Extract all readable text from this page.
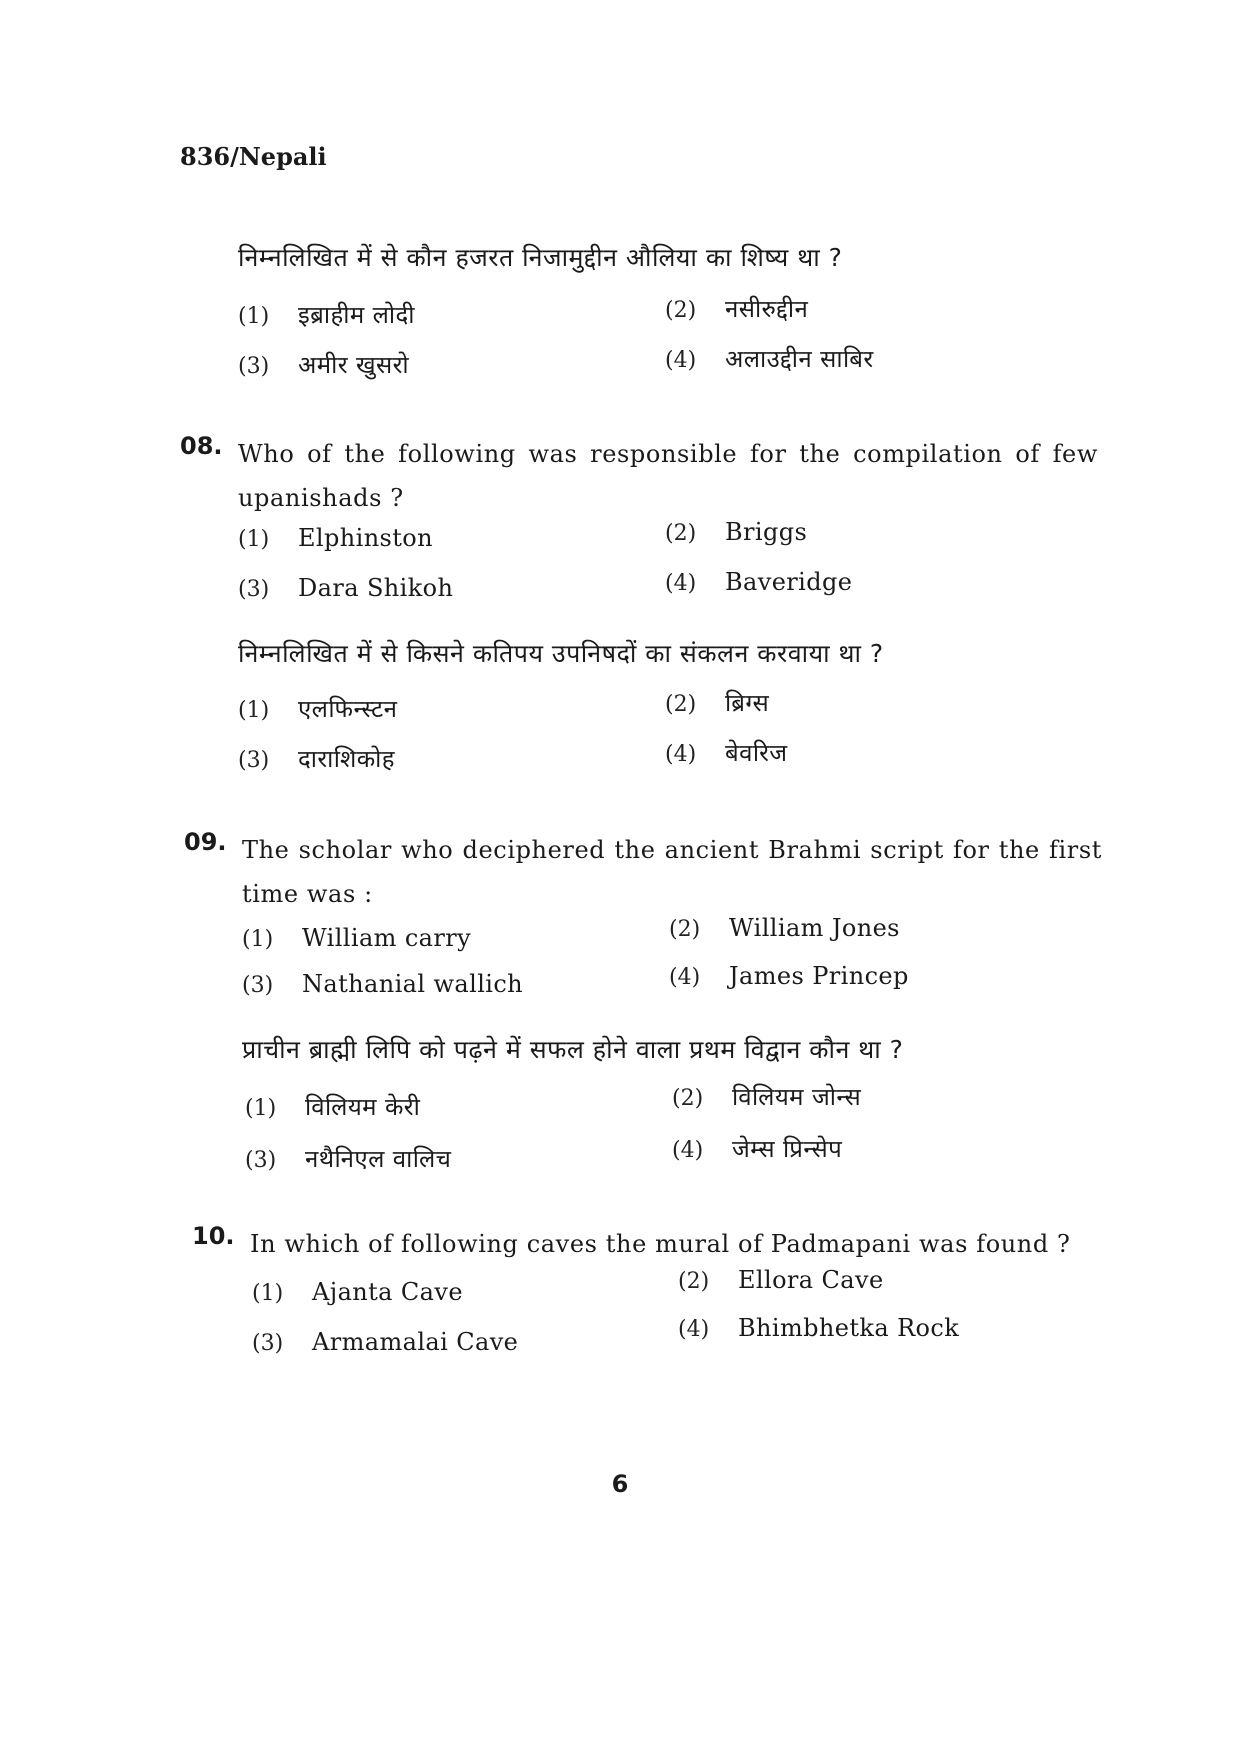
836/Nepali
निम्नलिखित में से कौन हजरत निजामुद्दीन औलिया का शिष्य था ?
(1) इब्राहीम लोदी	(2) नसीरुद्दीन
(3) अमीर खुसरो	(4) अलाउद्दीन साबिर
08. Who of the following was responsible for the compilation of few upanishads ?
(1) Elphinston	(2) Briggs
(3) Dara Shikoh	(4) Baveridge
निम्नलिखित में से किसने कतिपय उपनिषदों का संकलन करवाया था ?
(1) एलफिन्स्टन	(2) ब्रिग्स
(3) दाराशिकोह	(4) बेवरिज
09. The scholar who deciphered the ancient Brahmi script for the first time was :
(1) William carry	(2) William Jones
(3) Nathanial wallich	(4) James Princep
प्राचीन ब्राह्मी लिपि को पढ़ने में सफल होने वाला प्रथम विद्वान कौन था ?
(1) विलियम केरी	(2) विलियम जोन्स
(3) नथैनिएल वालिच	(4) जेम्स प्रिन्सेप
10. In which of following caves the mural of Padmapani was found ?
(1) Ajanta Cave	(2) Ellora Cave
(3) Armamalai Cave	(4) Bhimbhetka Rock
6
